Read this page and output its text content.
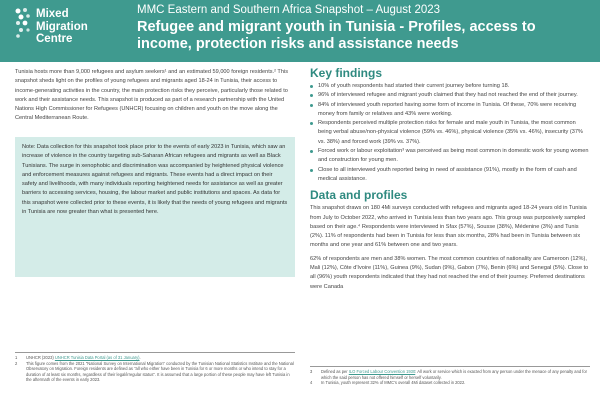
Mixed
Migration
Centre
MMC Eastern and Southern Africa Snapshot – August 2023
Refugee and migrant youth in Tunisia - Profiles, access to income, protection risks and assistance needs

Tunisia hosts more than 9,000 refugees and asylum seekers¹ and an estimated 59,000 foreign residents.² This snapshot sheds light on the profiles of young refugees and migrants aged 18-24 in Tunisia, their access to income-generating activities in the country, the main protection risks they perceive, particularly those related to work and their assistance needs. This snapshot is produced as part of a research partnership with the United Nations High Commissioner for Refugees (UNHCR) focusing on children and youth on the move along the Central Mediterranean Route.

Note: Data collection for this snapshot took place prior to the events of early 2023 in Tunisia, which saw an increase of violence in the country targeting sub-Saharan African refugees and migrants as well as Black Tunisians. The surge in xenophobic and discrimination was accompanied by heightened physical violence and enforcement measures against refugees and migrants. These events had a direct impact on their safety and livelihoods, with many individuals reporting heightened needs for assistance as well as greater barriers to accessing services, housing, the labour market and public institutions and spaces. As data for this snapshot were collected prior to these events, it is likely that the needs of young refugees and migrants in Tunisia are now greater than what is presented here.

1	UNHCR (2023) UNHCR Tunisia Data Portal (as of 31 January).
2	This figure comes from the 2021 "National Survey on International Migration" conducted by the Tunisian National Statistics Institute and the National Observatory on Migration. Foreign residents are defined as "all who either have been in Tunisia for 6 or more months or who intend to stay for a duration of at least six months, regardless of their legal/irregular status". It is assumed that a large portion of these people may have left Tunisia in the aftermath of the events in early 2023.
Key findings
10% of youth respondents had started their current journey before turning 18.
96% of interviewed refugee and migrant youth claimed that they had not reached the end of their journey.
84% of interviewed youth reported having some form of income in Tunisia. Of these, 70% were receiving money from family or relatives and 43% were working.
Respondents perceived multiple protection risks for female and male youth in Tunisia, the most common being verbal abuse/non-physical violence (59% vs. 46%), physical violence (35% vs. 46%), insecurity (37% vs. 38%) and forced work (39% vs. 37%).
Forced work or labour exploitation³ was perceived as being most common in domestic work for young women and construction for young men.
Close to all interviewed youth reported being in need of assistance (91%), mostly in the form of cash and medical assistance.
Data and profiles

This snapshot draws on 180 4Mi surveys conducted with refugees and migrants aged 18-24 years old in Tunisia from July to October 2022, who arrived in Tunisia less than two years ago. This group was purposively sampled based on their age.⁴ Respondents were interviewed in Sfax (57%), Sousse (38%), Médenine (3%) and Tunis (2%). 11% of respondents had been in Tunisia for less than six months, 28% had been in Tunisia between six months and one year and 61% between one and two years.

62% of respondents are men and 38% women. The most common countries of nationality are Cameroon (12%), Mali (12%), Côte d'Ivoire (11%), Guinea (9%), Sudan (9%), Gabon (7%), Benin (6%) and Senegal (5%). Close to all (96%) youth respondents indicated that they had not reached the end of their journey. Preferred destinations were Canada

3	Defined as per ILO Forced Labour Convention 1930: All work or service which is exacted from any person under the menace of any penalty and for which the said person has not offered himself or herself voluntarily.
4	In Tunisia, youth represent 32% of MMC's overall 4Mi dataset collected in 2022.
